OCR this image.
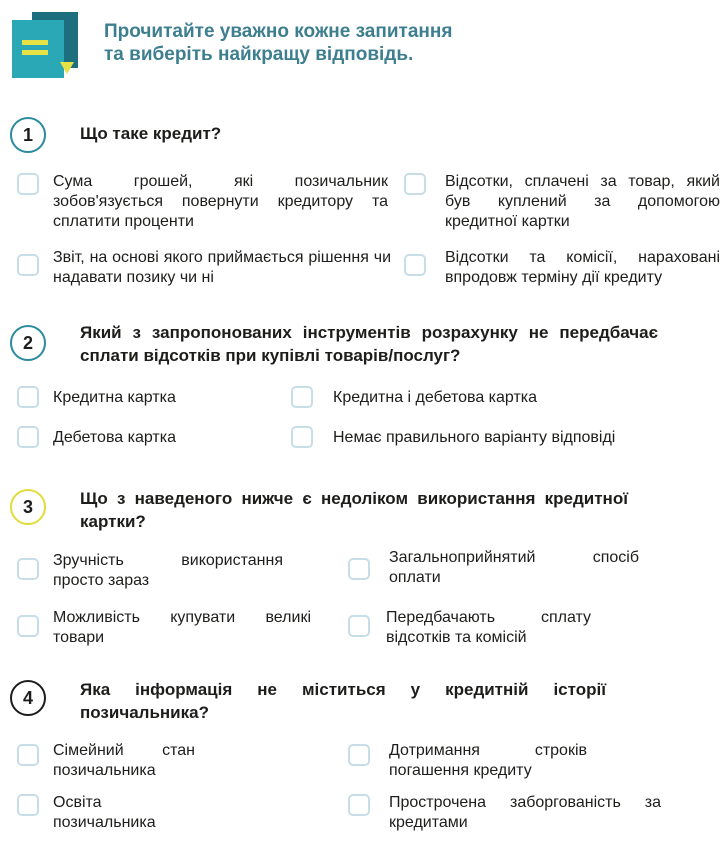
Прочитайте уважно кожне запитання
та виберіть найкращу відповідь.
1	Що таке кредит?
Сума грошей, які позичальник зобов'язується повернути кредитору та сплатити проценти
Відсотки, сплачені за товар, який був куплений за допомогою кредитної картки
Звіт, на основі якого приймається рішення чи надавати позику чи ні
Відсотки та комісії, нараховані впродовж терміну дії кредиту
2	Який з запропонованих інструментів розрахунку не передбачає сплати відсотків при купівлі товарів/послуг?
Кредитна картка	Кредитна і дебетова картка
Дебетова картка	Немає правильного варіанту відповіді
3	Що з наведеного нижче є недоліком використання кредитної картки?
Зручність використання просто зараз
Загальноприйнятий спосіб оплати
Можливість купувати великі товари
Передбачають сплату відсотків та комісій
4	Яка інформація не міститься у кредитній історії позичальника?
Сімейний стан позичальника
Дотримання строків погашення кредиту
Освіта позичальника
Прострочена заборгованість за кредитами
